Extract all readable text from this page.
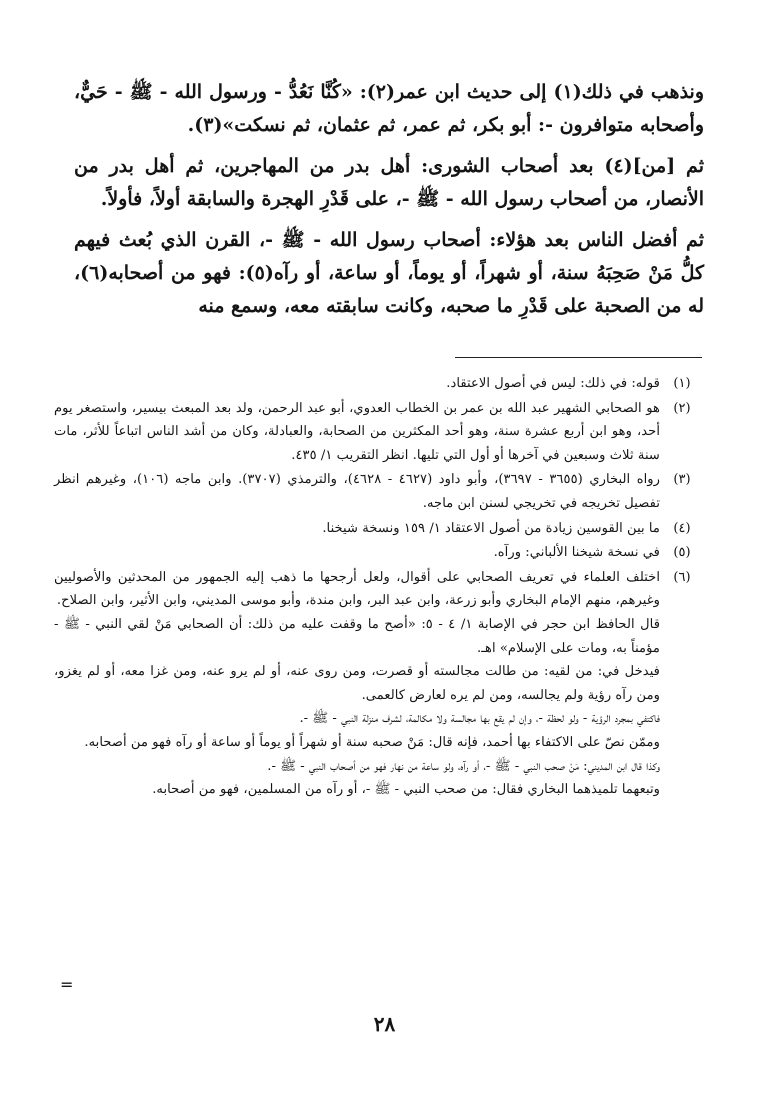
ونذهب في ذلك(١) إلى حديث ابن عمر(٢): «كُنَّا نَعُدُّ - ورسول الله - ﷺ - حَيٌّ، وأصحابه متوافرون -: أبو بكر، ثم عمر، ثم عثمان، ثم نسكت»(٣).

ثم [من](٤) بعد أصحاب الشورى: أهل بدر من المهاجرين، ثم أهل بدر من الأنصار، من أصحاب رسول الله - ﷺ -، على قَدْرِ الهجرة والسابقة أولاً، فأولاً.

ثم أفضل الناس بعد هؤلاء: أصحاب رسول الله - ﷺ -، القرن الذي بُعث فيهم كلُّ مَنْ صَحِبَهُ سنة، أو شهراً، أو يوماً، أو ساعة، أو رآه(٥): فهو من أصحابه(٦)، له من الصحبة على قَدْرِ ما صحبه، وكانت سابقته معه، وسمع منه

(١)

قوله: في ذلك: ليس في أصول الاعتقاد.

(٢)

هو الصحابي الشهير عبد الله بن عمر بن الخطاب العدوي، أبو عبد الرحمن، ولد بعد المبعث بيسير، واستصغر يوم أحد، وهو ابن أربع عشرة سنة، وهو أحد المكثرين من الصحابة، والعبادلة، وكان من أشد الناس اتباعاً للأثر، مات سنة ثلاث وسبعين في آخرها أو أول التي تليها. انظر التقريب ١/ ٤٣٥.

(٣)

رواه البخاري (٣٦٥٥ - ٣٦٩٧)، وأبو داود (٤٦٢٧ - ٤٦٢٨)، والترمذي (٣٧٠٧). وابن ماجه (١٠٦)، وغيرهم انظر تفصيل تخريجه في تخريجي لسنن ابن ماجه.

(٤)

ما بين القوسين زيادة من أصول الاعتقاد ١/ ١٥٩ ونسخة شيخنا.

(٥)

في نسخة شيخنا الألباني: ورآه.

(٦)

اختلف العلماء في تعريف الصحابي على أقوال، ولعل أرجحها ما ذهب إليه الجمهور من المحدثين والأصوليين وغيرهم، منهم الإمام البخاري وأبو زرعة، وابن عبد البر، وابن مندة، وأبو موسى المديني، وابن الأثير، وابن الصلاح.

قال الحافظ ابن حجر في الإصابة ١/ ٤ - ٥: «أصح ما وقفت عليه من ذلك: أن الصحابي مَنْ لقي النبي - ﷺ - مؤمناً به، ومات على الإسلام» اهـ.

فيدخل في: من لقيه: من طالت مجالسته أو قصرت، ومن روى عنه، أو لم يرو عنه، ومن غزا معه، أو لم يغزو، ومن رآه رؤية ولم يجالسه، ومن لم يره لعارض كالعمى.

فاكتفي بمجرد الرؤية - ولو لحظة -، وإن لم يقع بها مجالسة ولا مكالمة، لشرف منزلة النبي - ﷺ -.

وممّن نصّ على الاكتفاء بها أحمد، فإنه قال: مَنْ صحبه سنة أو شهراً أو يوماً أو ساعة أو رآه فهو من أصحابه.

وكذا قال ابن المديني: مَنْ صحب النبي - ﷺ -، أو رآه، ولو ساعة من نهار فهو من أصحاب النبي - ﷺ -.

وتبعهما تلميذهما البخاري فقال: من صحب النبي - ﷺ -، أو رآه من المسلمين، فهو من أصحابه.

=
٢٨
